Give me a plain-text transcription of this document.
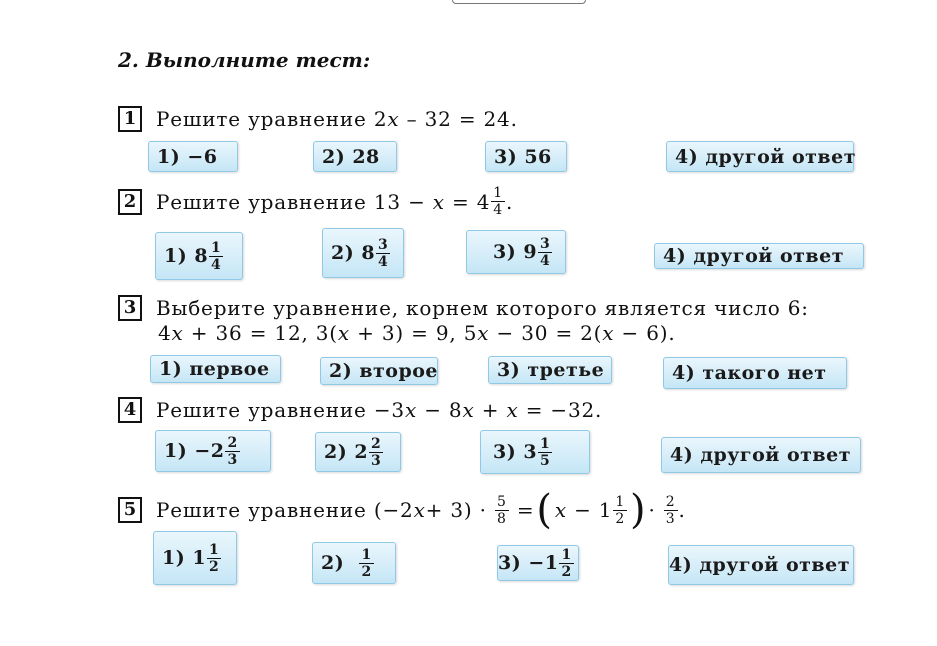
2. Выполните тест:
1 Решите уравнение
2x – 32 = 24.
1) −6	2) 28	3) 56	4) другой ответ
2 Решите уравнение
$13 - x = 4 \frac{1}{4}$ .
1) $8 \frac{1}{4}$	2) $8 \frac{3}{4}$	3) $9 \frac{3}{4}$	4) другой ответ
3 Выберите уравнение, корнем которого является число 6:
4x + 36 = 12, 3(x + 3) = 9, 5x − 30 = 2(x − 6).
1) первое	2) второе	3) третье	4) такого нет
4 Решите уравнение
−3x − 8x + x = −32.
$1) -2 \frac{2}{3}$	2) $2 \frac{2}{3}$	3) $3 \frac{1}{5}$	4) другой ответ
5 Решите уравнение
(−2 $x + 3) \cdot \frac{5}{8}$ = ( $x - 1 \frac{1}{2}$ ) · $\frac{2}{3}$ .
1) $1 \frac{1}{2}$	2)
$\frac{1}{2}$	$3) -1 \frac{1}{2}$	4) другой ответ
